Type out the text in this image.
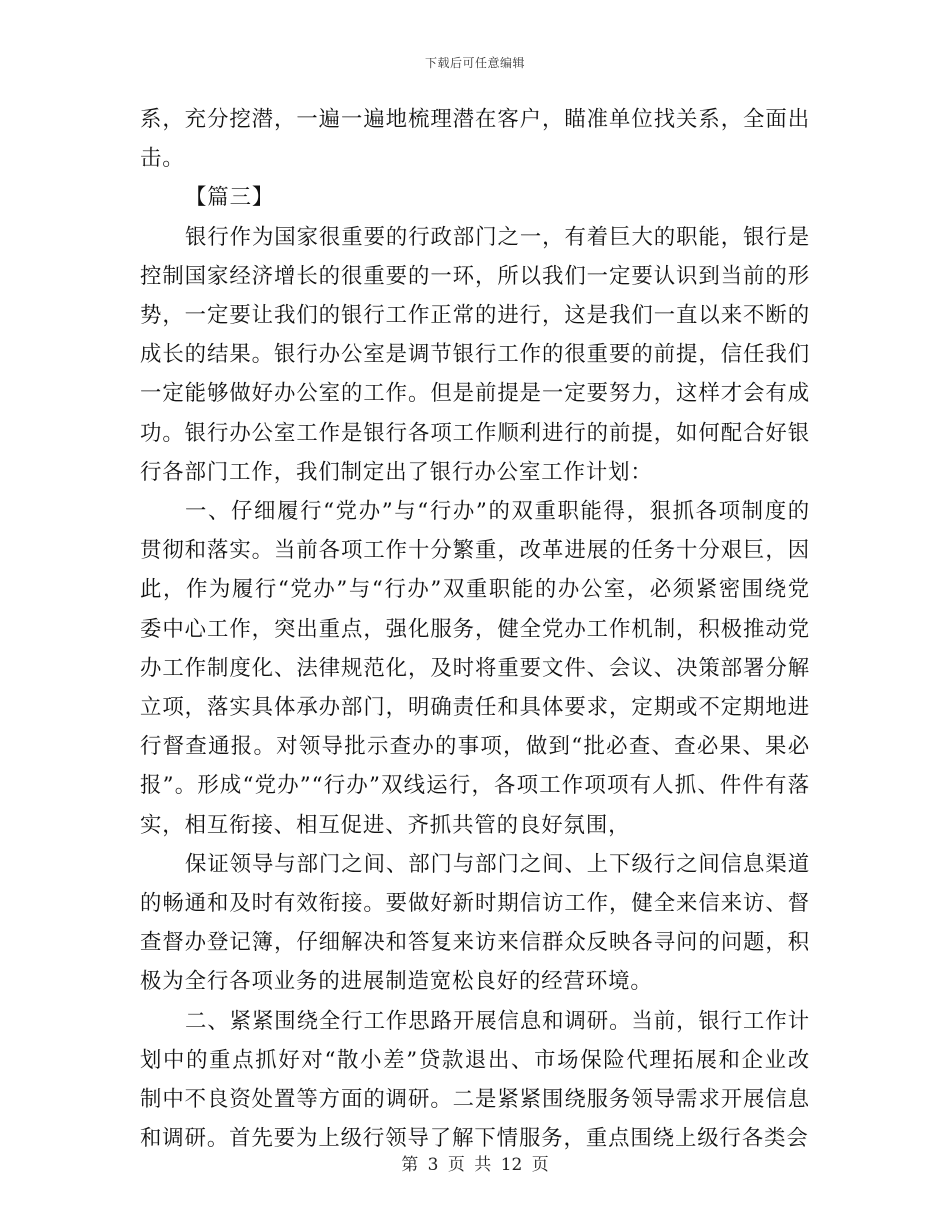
下载后可任意编辑

系，充分挖潜，一遍一遍地梳理潜在客户，瞄准单位找关系，全面出击。

【篇三】

银行作为国家很重要的行政部门之一，有着巨大的职能，银行是控制国家经济增长的很重要的一环，所以我们一定要认识到当前的形势，一定要让我们的银行工作正常的进行，这是我们一直以来不断的成长的结果。银行办公室是调节银行工作的很重要的前提，信任我们一定能够做好办公室的工作。但是前提是一定要努力，这样才会有成功。银行办公室工作是银行各项工作顺利进行的前提，如何配合好银行各部门工作，我们制定出了银行办公室工作计划：

一、仔细履行“党办”与“行办”的双重职能得，狠抓各项制度的贯彻和落实。当前各项工作十分繁重，改革进展的任务十分艰巨，因此，作为履行“党办”与“行办”双重职能的办公室，必须紧密围绕党委中心工作，突出重点，强化服务，健全党办工作机制，积极推动党办工作制度化、法律规范化，及时将重要文件、会议、决策部署分解立项，落实具体承办部门，明确责任和具体要求，定期或不定期地进行督查通报。对领导批示查办的事项，做到“批必查、查必果、果必报”。形成“党办”“行办”双线运行，各项工作项项有人抓、件件有落实，相互衔接、相互促进、齐抓共管的良好氛围，

保证领导与部门之间、部门与部门之间、上下级行之间信息渠道的畅通和及时有效衔接。要做好新时期信访工作，健全来信来访、督查督办登记簿，仔细解决和答复来访来信群众反映各寻问的问题，积极为全行各项业务的进展制造宽松良好的经营环境。

二、紧紧围绕全行工作思路开展信息和调研。当前，银行工作计划中的重点抓好对“散小差”贷款退出、市场保险代理拓展和企业改制中不良资处置等方面的调研。二是紧紧围绕服务领导需求开展信息和调研。首先要为上级行领导了解下情服务，重点围绕上级行各类会

第 3 页 共 12 页
